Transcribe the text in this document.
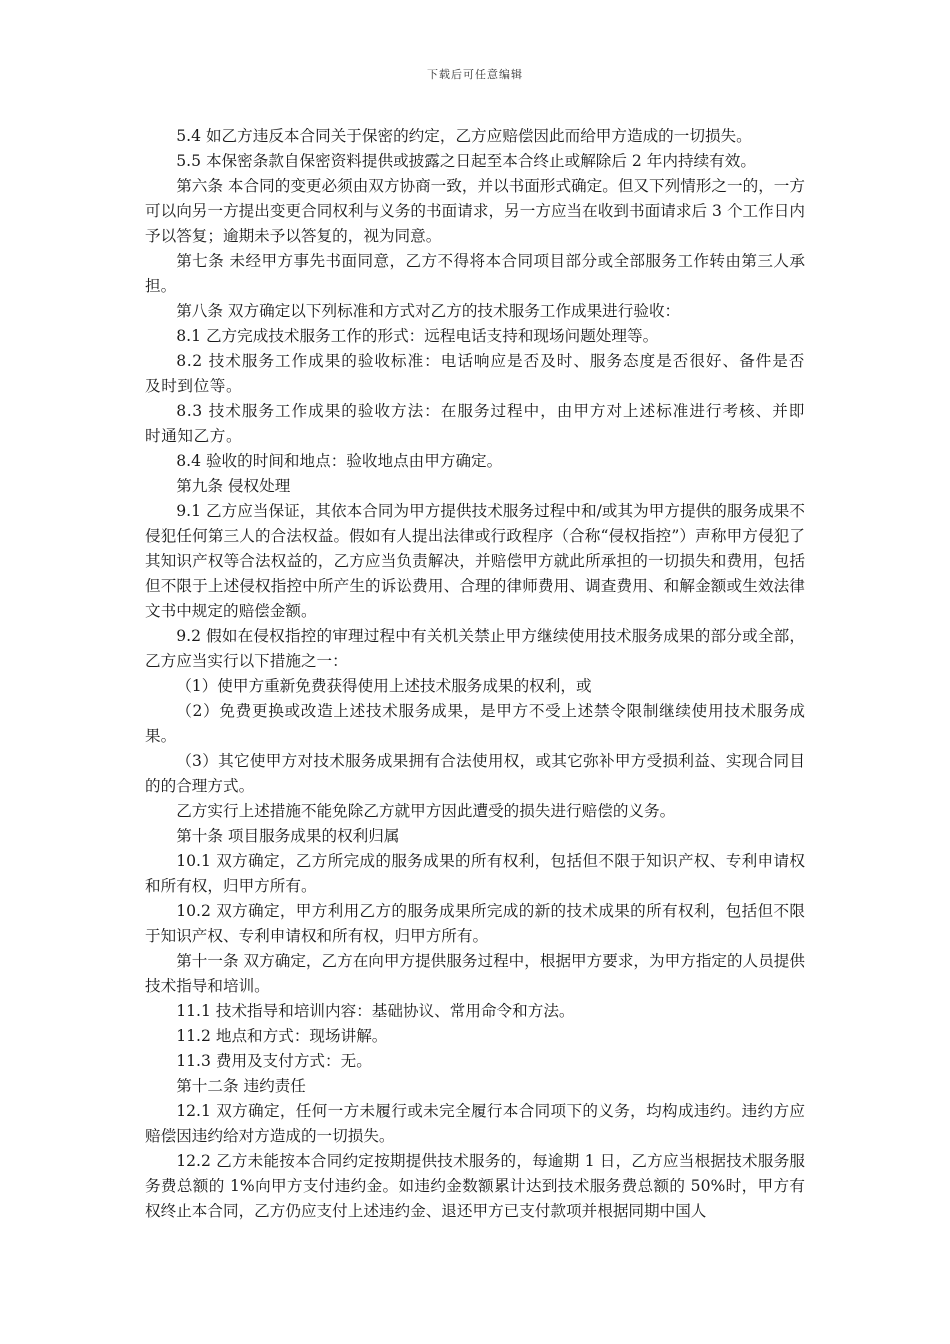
下载后可任意编辑

5.4 如乙方违反本合同关于保密的约定，乙方应赔偿因此而给甲方造成的一切损失。

5.5 本保密条款自保密资料提供或披露之日起至本合终止或解除后 2 年内持续有效。

第六条 本合同的变更必须由双方协商一致，并以书面形式确定。但又下列情形之一的，一方可以向另一方提出变更合同权利与义务的书面请求，另一方应当在收到书面请求后 3 个工作日内予以答复；逾期未予以答复的，视为同意。

第七条 未经甲方事先书面同意，乙方不得将本合同项目部分或全部服务工作转由第三人承担。

第八条 双方确定以下列标准和方式对乙方的技术服务工作成果进行验收：

8.1 乙方完成技术服务工作的形式：远程电话支持和现场问题处理等。

8.2 技术服务工作成果的验收标准：电话响应是否及时、服务态度是否很好、备件是否及时到位等。

8.3 技术服务工作成果的验收方法：在服务过程中，由甲方对上述标准进行考核、并即时通知乙方。

8.4 验收的时间和地点：验收地点由甲方确定。

第九条 侵权处理

9.1 乙方应当保证，其依本合同为甲方提供技术服务过程中和/或其为甲方提供的服务成果不侵犯任何第三人的合法权益。假如有人提出法律或行政程序（合称“侵权指控”）声称甲方侵犯了其知识产权等合法权益的，乙方应当负责解决，并赔偿甲方就此所承担的一切损失和费用，包括但不限于上述侵权指控中所产生的诉讼费用、合理的律师费用、调查费用、和解金额或生效法律文书中规定的赔偿金额。

9.2 假如在侵权指控的审理过程中有关机关禁止甲方继续使用技术服务成果的部分或全部，乙方应当实行以下措施之一：

（1）使甲方重新免费获得使用上述技术服务成果的权利，或

（2）免费更换或改造上述技术服务成果，是甲方不受上述禁令限制继续使用技术服务成果。

（3）其它使甲方对技术服务成果拥有合法使用权，或其它弥补甲方受损利益、实现合同目的的合理方式。

乙方实行上述措施不能免除乙方就甲方因此遭受的损失进行赔偿的义务。

第十条 项目服务成果的权利归属

10.1 双方确定，乙方所完成的服务成果的所有权利，包括但不限于知识产权、专利申请权和所有权，归甲方所有。

10.2 双方确定，甲方利用乙方的服务成果所完成的新的技术成果的所有权利，包括但不限于知识产权、专利申请权和所有权，归甲方所有。

第十一条 双方确定，乙方在向甲方提供服务过程中，根据甲方要求，为甲方指定的人员提供技术指导和培训。

11.1 技术指导和培训内容：基础协议、常用命令和方法。

11.2 地点和方式：现场讲解。

11.3 费用及支付方式：无。

第十二条 违约责任

12.1 双方确定，任何一方未履行或未完全履行本合同项下的义务，均构成违约。违约方应赔偿因违约给对方造成的一切损失。

12.2 乙方未能按本合同约定按期提供技术服务的，每逾期 1 日，乙方应当根据技术服务服务费总额的 1%向甲方支付违约金。如违约金数额累计达到技术服务费总额的 50%时，甲方有权终止本合同，乙方仍应支付上述违约金、退还甲方已支付款项并根据同期中国人
